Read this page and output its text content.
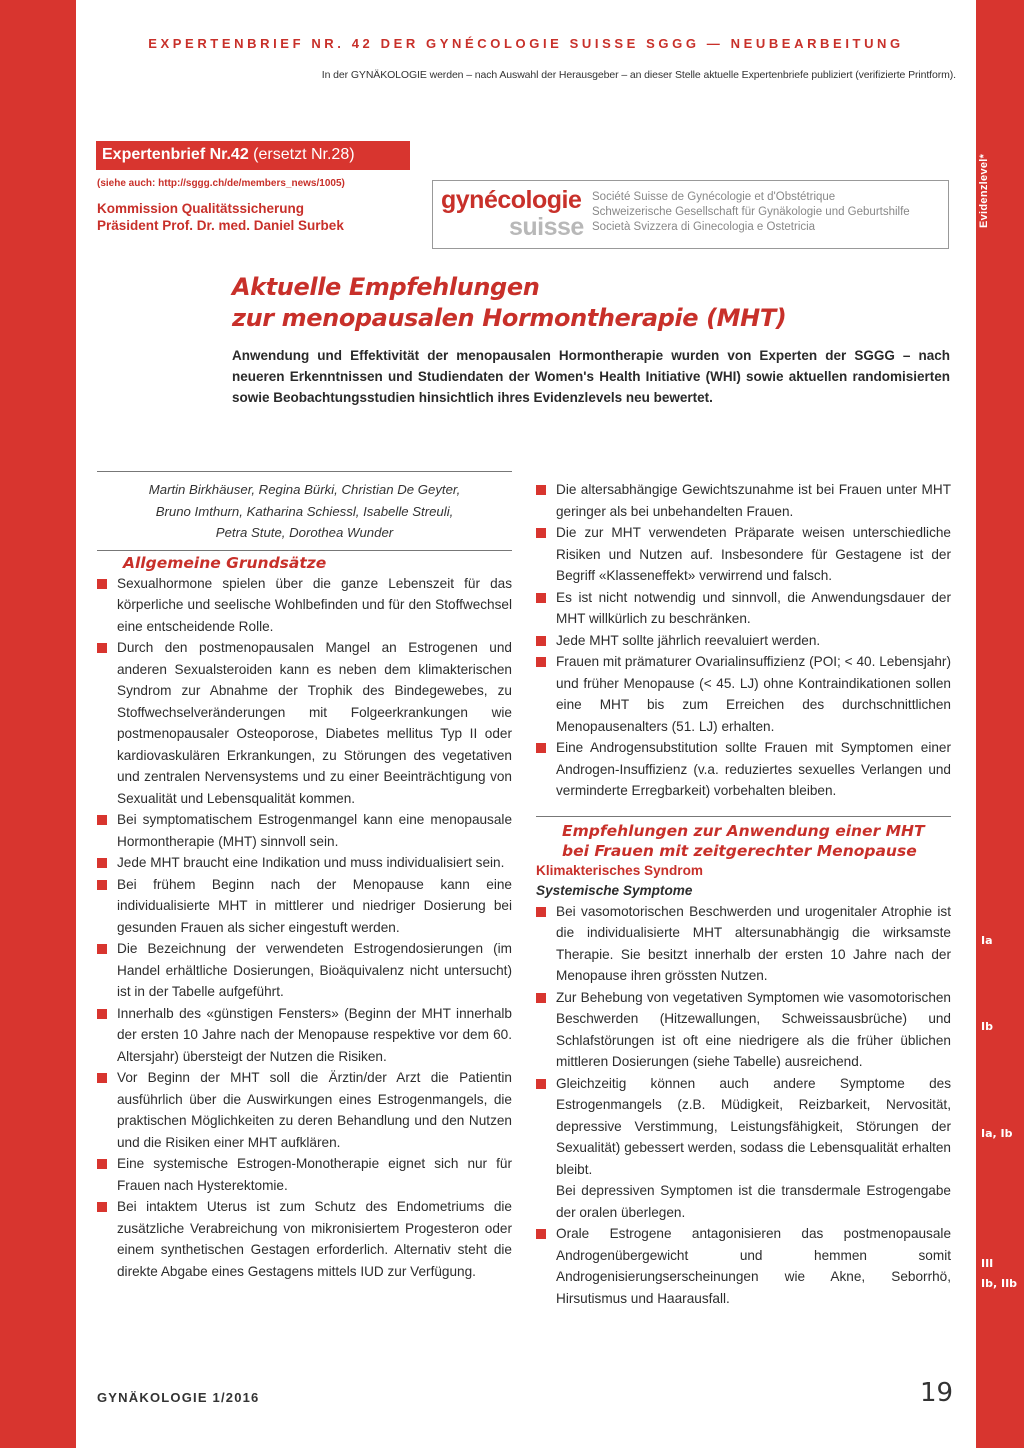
Evidenzlevel*
Ia
Ib
Ia, Ib
III
Ib, IIb
EXPERTENBRIEF NR. 42 DER GYNÉCOLOGIE SUISSE SGGG — NEUBEARBEITUNG
In der GYNÄKOLOGIE werden – nach Auswahl der Herausgeber – an dieser Stelle aktuelle Expertenbriefe publiziert (verifizierte Printform).
Expertenbrief Nr.42 (ersetzt Nr.28)
(siehe auch: http://sggg.ch/de/members_news/1005)
Kommission Qualitätssicherung
Präsident Prof. Dr. med. Daniel Surbek
gynécologie
suisse
Société Suisse de Gynécologie et d'Obstétrique
Schweizerische Gesellschaft für Gynäkologie und Geburtshilfe
Società Svizzera di Ginecologia e Ostetricia
Aktuelle Empfehlungen
zur menopausalen Hormontherapie (MHT)
Anwendung und Effektivität der menopausalen Hormontherapie wurden von Experten der SGGG – nach neueren Erkenntnissen und Studiendaten der Women's Health Initiative (WHI) sowie aktuellen randomisierten sowie Beobachtungsstudien hinsichtlich ihres Evidenzlevels neu bewertet.
Martin Birkhäuser, Regina Bürki, Christian De Geyter,
Bruno Imthurn, Katharina Schiessl, Isabelle Streuli,
Petra Stute, Dorothea Wunder
Allgemeine Grundsätze
Sexualhormone spielen über die ganze Lebenszeit für das körperliche und seelische Wohlbefinden und für den Stoffwechsel eine entscheidende Rolle.
Durch den postmenopausalen Mangel an Estrogenen und anderen Sexualsteroiden kann es neben dem klimakterischen Syndrom zur Abnahme der Trophik des Bindegewebes, zu Stoffwechselveränderungen mit Folgeerkrankungen wie postmenopausaler Osteoporose, Diabetes mellitus Typ II oder kardiovaskulären Erkrankungen, zu Störungen des vegetativen und zentralen Nervensystems und zu einer Beeinträchtigung von Sexualität und Lebensqualität kommen.
Bei symptomatischem Estrogenmangel kann eine menopausale Hormontherapie (MHT) sinnvoll sein.
Jede MHT braucht eine Indikation und muss individualisiert sein.
Bei frühem Beginn nach der Menopause kann eine individualisierte MHT in mittlerer und niedriger Dosierung bei gesunden Frauen als sicher eingestuft werden.
Die Bezeichnung der verwendeten Estrogendosierungen (im Handel erhältliche Dosierungen, Bioäquivalenz nicht untersucht) ist in der Tabelle aufgeführt.
Innerhalb des «günstigen Fensters» (Beginn der MHT innerhalb der ersten 10 Jahre nach der Menopause respektive vor dem 60. Altersjahr) übersteigt der Nutzen die Risiken.
Vor Beginn der MHT soll die Ärztin/der Arzt die Patientin ausführlich über die Auswirkungen eines Estrogenmangels, die praktischen Möglichkeiten zu deren Behandlung und den Nutzen und die Risiken einer MHT aufklären.
Eine systemische Estrogen-Monotherapie eignet sich nur für Frauen nach Hysterektomie.
Bei intaktem Uterus ist zum Schutz des Endometriums die zusätzliche Verabreichung von mikronisiertem Progesteron oder einem synthetischen Gestagen erforderlich. Alternativ steht die direkte Abgabe eines Gestagens mittels IUD zur Verfügung.
Die altersabhängige Gewichtszunahme ist bei Frauen unter MHT geringer als bei unbehandelten Frauen.
Die zur MHT verwendeten Präparate weisen unterschiedliche Risiken und Nutzen auf. Insbesondere für Gestagene ist der Begriff «Klasseneffekt» verwirrend und falsch.
Es ist nicht notwendig und sinnvoll, die Anwendungsdauer der MHT willkürlich zu beschränken.
Jede MHT sollte jährlich reevaluiert werden.
Frauen mit prämaturer Ovarialinsuffizienz (POI; < 40. Lebensjahr) und früher Menopause (< 45. LJ) ohne Kontraindikationen sollen eine MHT bis zum Erreichen des durchschnittlichen Menopausenalters (51. LJ) erhalten.
Eine Androgensubstitution sollte Frauen mit Symptomen einer Androgen-Insuffizienz (v.a. reduziertes sexuelles Verlangen und verminderte Erregbarkeit) vorbehalten bleiben.
Empfehlungen zur Anwendung einer MHT
bei Frauen mit zeitgerechter Menopause
Klimakterisches Syndrom
Systemische Symptome
Bei vasomotorischen Beschwerden und urogenitaler Atrophie ist die individualisierte MHT altersunabhängig die wirksamste Therapie. Sie besitzt innerhalb der ersten 10 Jahre nach der Menopause ihren grössten Nutzen.
Zur Behebung von vegetativen Symptomen wie vasomotorischen Beschwerden (Hitzewallungen, Schweissausbrüche) und Schlafstörungen ist oft eine niedrigere als die früher üblichen mittleren Dosierungen (siehe Tabelle) ausreichend.
Gleichzeitig können auch andere Symptome des Estrogenmangels (z.B. Müdigkeit, Reizbarkeit, Nervosität, depressive Verstimmung, Leistungsfähigkeit, Störungen der Sexualität) gebessert werden, sodass die Lebensqualität erhalten bleibt.
Bei depressiven Symptomen ist die transdermale Estrogengabe der oralen überlegen.
Orale Estrogene antagonisieren das postmenopausale Androgenübergewicht und hemmen somit Androgenisierungserscheinungen wie Akne, Seborrhö, Hirsutismus und Haarausfall.
GYNÄKOLOGIE 1/2016	19
